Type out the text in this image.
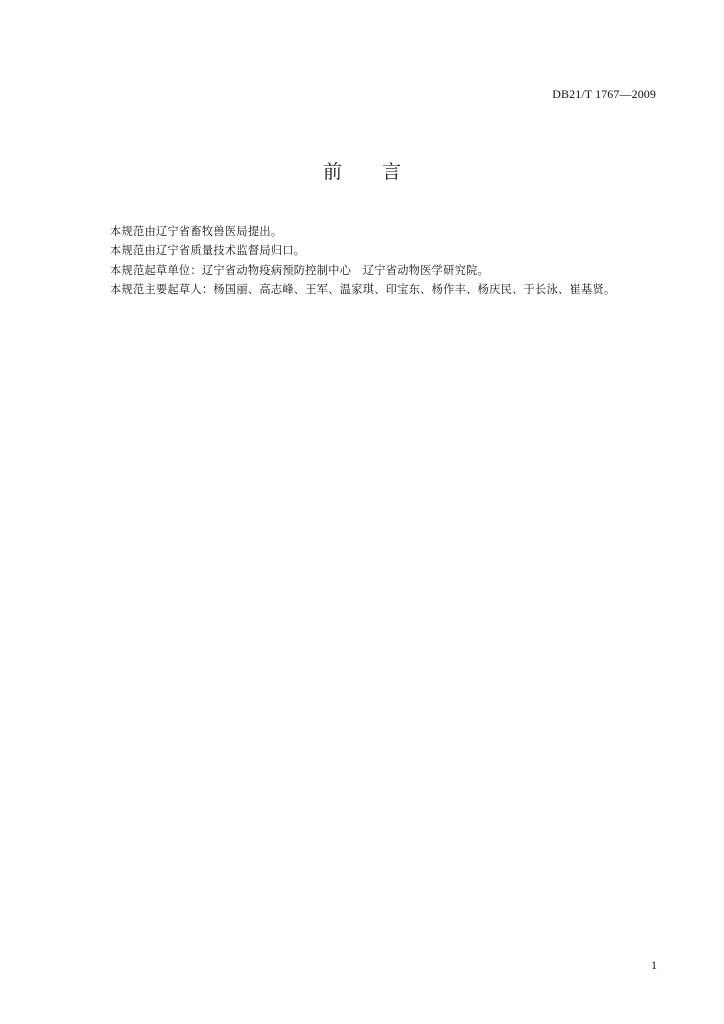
DB21/T 1767—2009
前 言
本规范由辽宁省畜牧兽医局提出。
本规范由辽宁省质量技术监督局归口。
本规范起草单位：辽宁省动物疫病预防控制中心　辽宁省动物医学研究院。
本规范主要起草人：杨国丽、高志峰、王军、温家琪、印宝东、杨作丰、杨庆民、于长泳、崔基贤。
1
